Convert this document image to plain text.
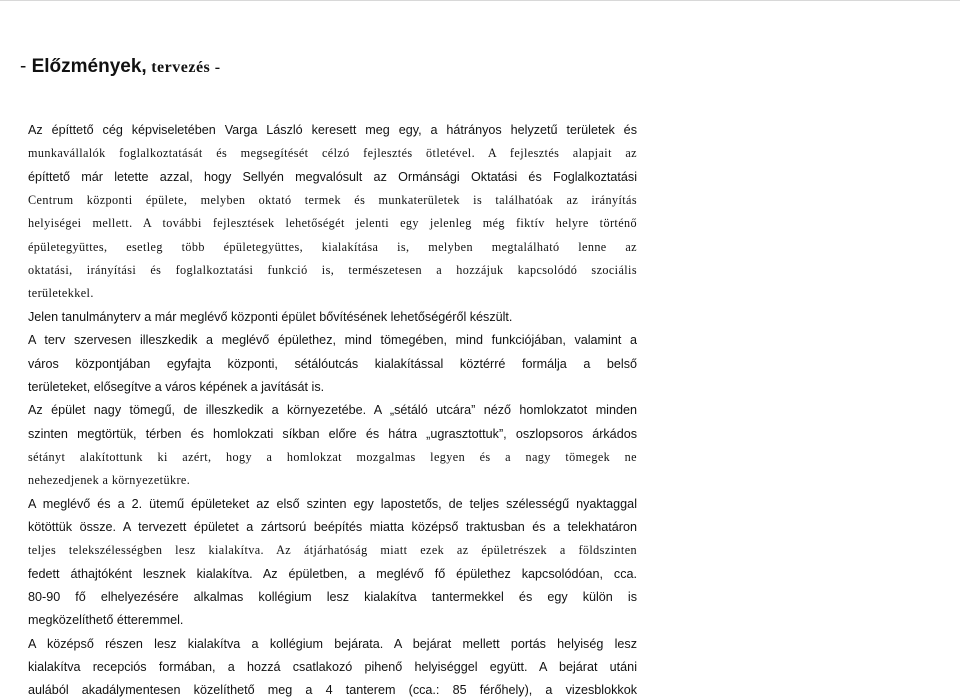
- Előzmények, tervezés -
Az építtető cég képviseletében Varga László keresett meg egy, a hátrányos helyzetű területek és
munkavállalók foglalkoztatását és megsegítését célzó fejlesztés ötletével. A fejlesztés alapjait az
építtető már letette azzal, hogy Sellyén megvalósult az Ormánsági Oktatási és Foglalkoztatási
Centrum központi épülete, melyben oktató termek és munkaterületek is találhatóak az irányítás
helyiségei mellett. A további fejlesztések lehetőségét jelenti egy jelenleg még fiktív helyre történő
épületegyüttes, esetleg több épületegyüttes, kialakítása is, melyben megtalálható lenne az
oktatási, irányítási és foglalkoztatási funkció is, természetesen a hozzájuk kapcsolódó szociális
területekkel.
Jelen tanulmányterv a már meglévő központi épület bővítésének lehetőségéről készült.
A terv szervesen illeszkedik a meglévő épülethez, mind tömegében, mind funkciójában, valamint a
város központjában egyfajta központi, sétálóutcás kialakítással köztérré formálja a belső
területeket, elősegítve a város képének a javítását is.
Az épület nagy tömegű, de illeszkedik a környezetébe. A „sétáló utcára” néző homlokzatot minden
szinten megtörtük, térben és homlokzati síkban előre és hátra „ugrasztottuk”, oszlopsoros árkádos
sétányt alakítottunk ki azért, hogy a homlokzat mozgalmas legyen és a nagy tömegek ne
nehezedjenek a környezetükre.
A meglévő és a 2. ütemű épületeket az első szinten egy lapostetős, de teljes szélességű nyaktaggal
kötöttük össze. A tervezett épületet a zártsorú beépítés miatta középső traktusban és a telekhatáron
teljes telekszélességben lesz kialakítva. Az átjárhatóság miatt ezek az épületrészek a földszinten
fedett áthajtóként lesznek kialakítva. Az épületben, a meglévő fő épülethez kapcsolódóan, cca.
80-90 fő elhelyezésére alkalmas kollégium lesz kialakítva tantermekkel és egy külön is
megközelíthető étteremmel.
A középső részen lesz kialakítva a kollégium bejárata. A bejárat mellett portás helyiség lesz
kialakítva recepciós formában, a hozzá csatlakozó pihenő helyiséggel együtt. A bejárat utáni
aulából akadálymentesen közelíthető meg a 4 tanterem (cca.: 85 férőhely), a vizesblokkok
